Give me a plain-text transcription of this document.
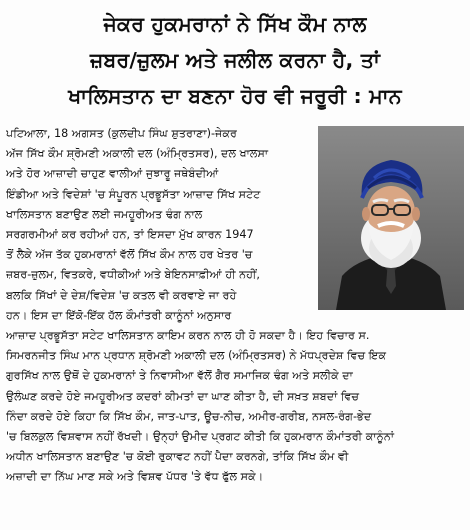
ਜੇਕਰ ਹੁਕਮਰਾਨਾਂ ਨੇ ਸਿੱਖ ਕੌਮ ਨਾਲ
ਜ਼ਬਰ/ਜ਼ੁਲਮ ਅਤੇ ਜਲੀਲ ਕਰਨਾ ਹੈ, ਤਾਂ
ਖਾਲਿਸਤਾਨ ਦਾ ਬਣਨਾ ਹੋਰ ਵੀ ਜਰੂਰੀ : ਮਾਨ

ਪਟਿਆਲਾ, 18 ਅਗਸਤ (ਕੁਲਦੀਪ ਸਿੰਘ ਸ਼ੁਤਰਾਣਾ)-ਜੇਕਰ
ਅੱਜ ਸਿੱਖ ਕੌਮ ਸ਼੍ਰੋਮਣੀ ਅਕਾਲੀ ਦਲ (ਅੰਮ੍ਰਿਤਸਰ), ਦਲ ਖਾਲਸਾ
ਅਤੇ ਹੋਰ ਆਜ਼ਾਦੀ ਚਾਹੁਣ ਵਾਲੀਆਂ ਜੁਝਾਰੂ ਜਥੇਬੰਦੀਆਂ
ਇੰਡੀਆ ਅਤੇ ਵਿਦੇਸ਼ਾਂ 'ਚ ਸੰਪੂਰਨ ਪ੍ਰਭੂਸੱਤਾ ਆਜ਼ਾਦ ਸਿੱਖ ਸਟੇਟ
ਖਾਲਿਸਤਾਨ ਬਣਾਉਣ ਲਈ ਜਮਹੂਰੀਅਤ ਢੰਗ ਨਾਲ
ਸਰਗਰਮੀਆਂ ਕਰ ਰਹੀਆਂ ਹਨ, ਤਾਂ ਇਸਦਾ ਮੁੱਖ ਕਾਰਨ 1947
ਤੋਂ ਲੈਕੇ ਅੱਜ ਤੱਕ ਹੁਕਮਰਾਨਾਂ ਵੱਲੋਂ ਸਿੱਖ ਕੌਮ ਨਾਲ ਹਰ ਖੇਤਰ 'ਚ
ਜ਼ਬਰ-ਜ਼ੁਲਮ, ਵਿਤਕਰੇ, ਵਧੀਕੀਆਂ ਅਤੇ ਬੇਇਨਸਾਫ਼ੀਆਂ ਹੀ ਨਹੀਂ,
ਬਲਕਿ ਸਿੱਖਾਂ ਦੇ ਦੇਸ਼/ਵਿਦੇਸ਼ 'ਚ ਕਤਲ ਵੀ ਕਰਵਾਏ ਜਾ ਰਹੇ
ਹਨ। ਇਸ ਦਾ ਇੱਕੋ-ਇੱਕ ਹੱਲ ਕੌਮਾਂਤਰੀ ਕਾਨੂੰਨਾਂ ਅਨੁਸਾਰ
ਆਜ਼ਾਦ ਪ੍ਰਭੂਸੱਤਾ ਸਟੇਟ ਖਾਲਿਸਤਾਨ ਕਾਇਮ ਕਰਨ ਨਾਲ ਹੀ ਹੋ ਸਕਦਾ ਹੈ। ਇਹ ਵਿਚਾਰ ਸ.
ਸਿਮਰਨਜੀਤ ਸਿੰਘ ਮਾਨ ਪ੍ਰਧਾਨ ਸ਼੍ਰੋਮਣੀ ਅਕਾਲੀ ਦਲ (ਅੰਮ੍ਰਿਤਸਰ) ਨੇ ਮੱਧਪ੍ਰਦੇਸ਼ ਵਿਚ ਇਕ
ਗੁਰਸਿੱਖ ਨਾਲ ਉਥੋਂ ਦੇ ਹੁਕਮਰਾਨਾਂ ਤੇ ਨਿਵਾਸੀਆ ਵੱਲੋਂ ਗੈਰ ਸਮਾਜਿਕ ਢੰਗ ਅਤੇ ਸਲੀਕੇ ਦਾ
ਉਲੰਘਣ ਕਰਦੇ ਹੋਏ ਜਮਹੂਰੀਅਤ ਕਦਰਾਂ ਕੀਮਤਾਂ ਦਾ ਘਾਣ ਕੀਤਾ ਹੈ, ਦੀ ਸਖ਼ਤ ਸ਼ਬਦਾਂ ਵਿਚ
ਨਿੰਦਾ ਕਰਦੇ ਹੋਏ ਕਿਹਾ ਕਿ ਸਿੱਖ ਕੌਮ, ਜਾਤ-ਪਾਤ, ਊਚ-ਨੀਚ, ਅਮੀਰ-ਗਰੀਬ, ਨਸਲ-ਰੰਗ-ਭੇਦ
'ਚ ਬਿਲਕੁਲ ਵਿਸ਼ਵਾਸ ਨਹੀਂ ਰੱਖਦੀ। ਉਨ੍ਹਾਂ ਉਮੀਦ ਪ੍ਰਗਟ ਕੀਤੀ ਕਿ ਹੁਕਮਰਾਨ ਕੌਮਾਂਤਰੀ ਕਾਨੂੰਨਾਂ
ਅਧੀਨ ਖਾਲਿਸਤਾਨ ਬਣਾਉਣ 'ਚ ਕੋਈ ਰੁਕਾਵਟ ਨਹੀਂ ਪੈਦਾ ਕਰਨਗੇ, ਤਾਂਕਿ ਸਿੱਖ ਕੌਮ ਵੀ
ਅਜ਼ਾਦੀ ਦਾ ਨਿੱਘ ਮਾਣ ਸਕੇ ਅਤੇ ਵਿਸ਼ਵ ਪੱਧਰ 'ਤੇ ਵੱਧ ਫੁੱਲ ਸਕੇ।
